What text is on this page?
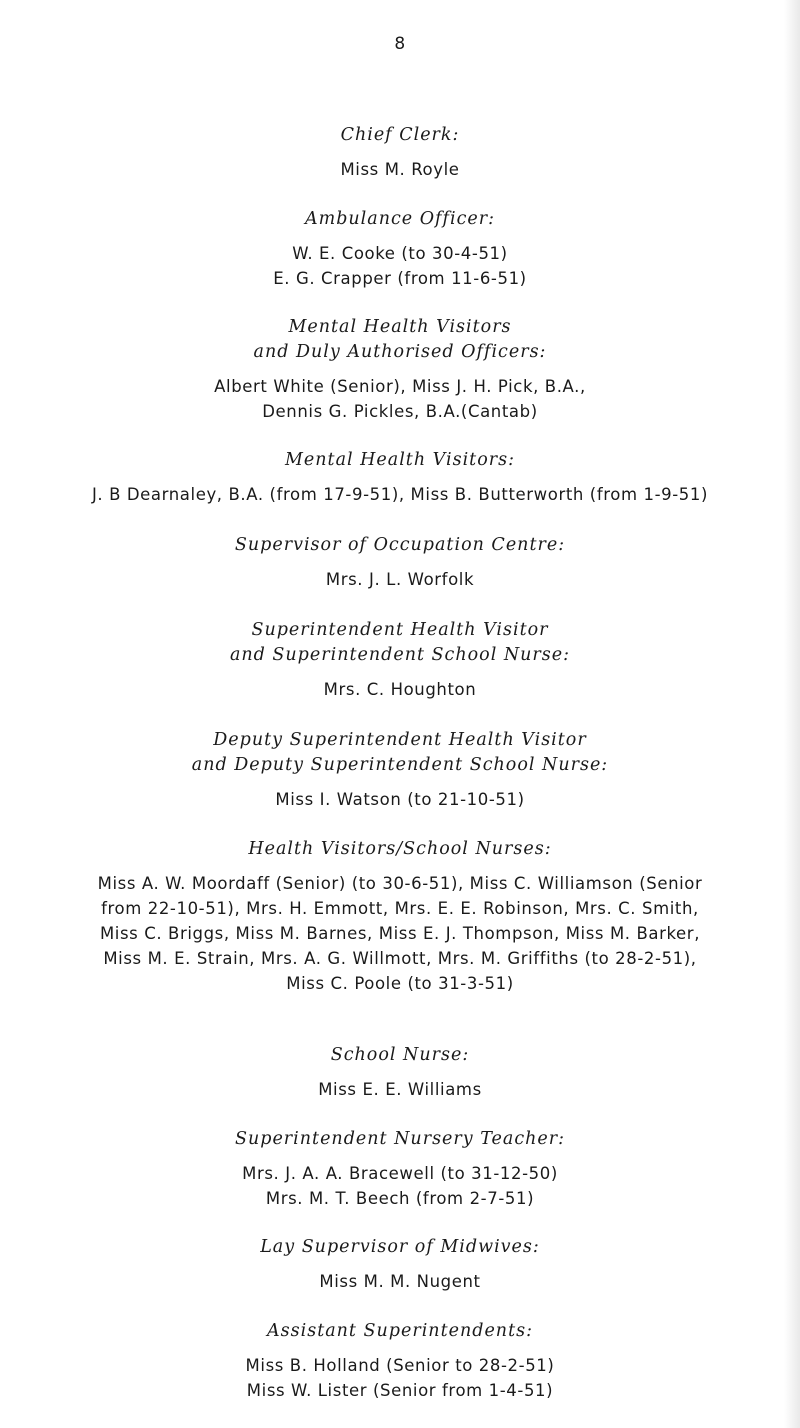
8

Chief Clerk:

Miss M. Royle

Ambulance Officer:

W. E. Cooke (to 30-4-51)

E. G. Crapper (from 11-6-51)

Mental Health Visitors

and Duly Authorised Officers:

Albert White (Senior), Miss J. H. Pick, B.A.,

Dennis G. Pickles, B.A.(Cantab)

Mental Health Visitors:

J. B Dearnaley, B.A. (from 17-9-51), Miss B. Butterworth (from 1-9-51)

Supervisor of Occupation Centre:

Mrs. J. L. Worfolk

Superintendent Health Visitor

and Superintendent School Nurse:

Mrs. C. Houghton

Deputy Superintendent Health Visitor

and Deputy Superintendent School Nurse:

Miss I. Watson (to 21-10-51)

Health Visitors/School Nurses:

Miss A. W. Moordaff (Senior) (to 30-6-51), Miss C. Williamson (Senior

from 22-10-51), Mrs. H. Emmott, Mrs. E. E. Robinson, Mrs. C. Smith,

Miss C. Briggs, Miss M. Barnes, Miss E. J. Thompson, Miss M. Barker,

Miss M. E. Strain, Mrs. A. G. Willmott, Mrs. M. Griffiths (to 28-2-51),

Miss C. Poole (to 31-3-51)

School Nurse:

Miss E. E. Williams

Superintendent Nursery Teacher:

Mrs. J. A. A. Bracewell (to 31-12-50)

Mrs. M. T. Beech (from 2-7-51)

Lay Supervisor of Midwives:

Miss M. M. Nugent

Assistant Superintendents:

Miss B. Holland (Senior to 28-2-51)

Miss W. Lister (Senior from 1-4-51)
